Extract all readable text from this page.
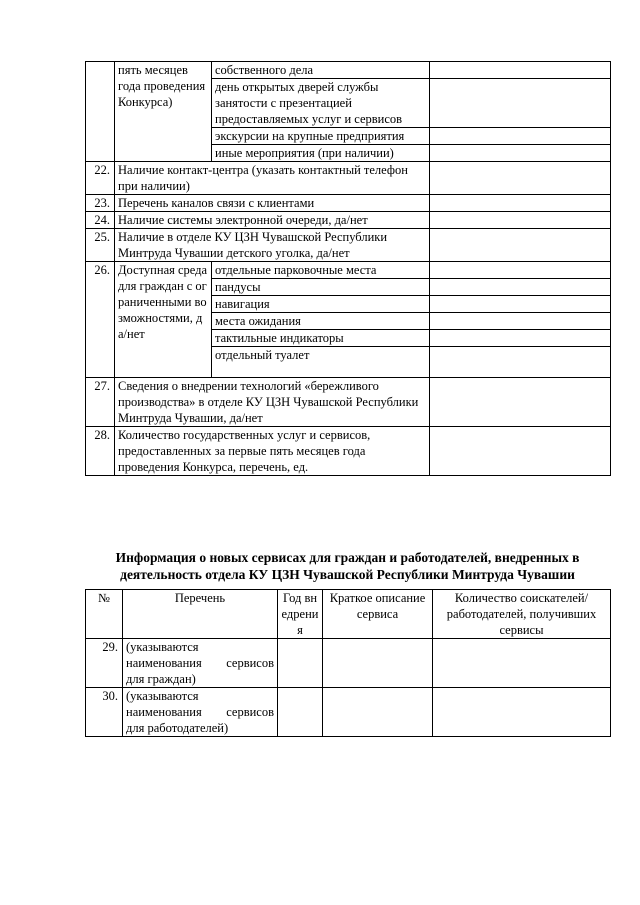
	пять месяцев года проведения Конкурса)	собственного дела	
		день открытых дверей службы занятости с презентацией предоставляемых услуг и сервисов	
		экскурсии на крупные предприятия	
		иные мероприятия (при наличии)	
22.	Наличие контакт-центра (указать контактный телефон при наличии)		
23.	Перечень каналов связи с клиентами		
24.	Наличие системы электронной очереди, да/нет		
25.	Наличие в отделе КУ ЦЗН Чувашской Республики Минтруда Чувашии детского уголка, да/нет		
26.	Доступная среда для граждан с ограниченными возможностями, да/нет	отдельные парковочные места	
		пандусы	
		навигация	
		места ожидания	
		тактильные индикаторы	
		отдельный туалет	
27.	Сведения о внедрении технологий «бережливого производства» в отделе КУ ЦЗН Чувашской Республики Минтруда Чувашии, да/нет		
28.	Количество государственных услуг и сервисов, предоставленных за первые пять месяцев года проведения Конкурса, перечень, ед.		
Информация о новых сервисах для граждан и работодателей, внедренных в деятельность отдела КУ ЦЗН Чувашской Республики Минтруда Чувашии
№	Перечень	Год внедрения	Краткое описание сервиса	Количество соискателей/работодателей, получивших сервисы
29.	(указываются наименования сервисов для граждан)			
30.	(указываются наименования сервисов для работодателей)			
